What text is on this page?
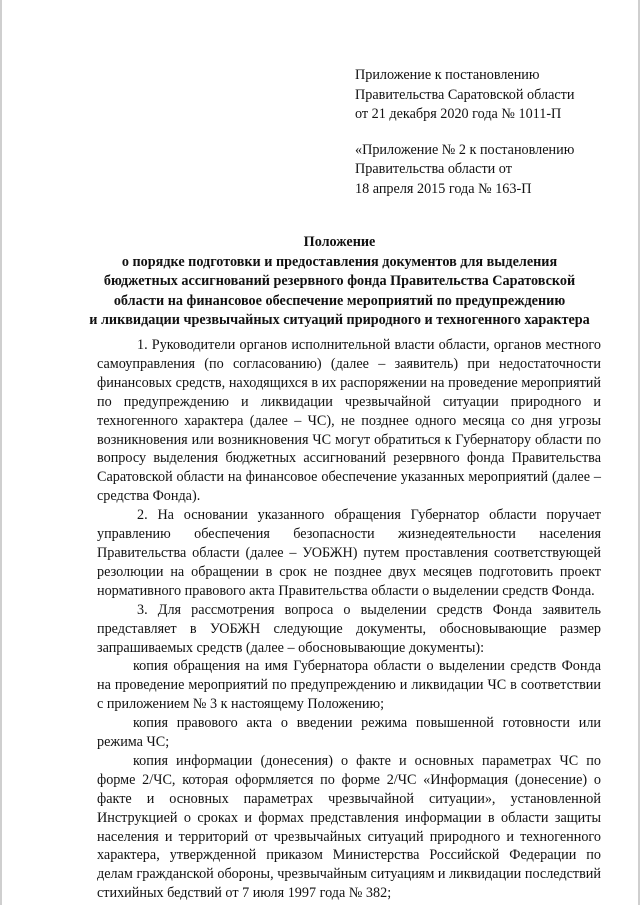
Приложение к постановлению
Правительства Саратовской области
от 21 декабря 2020 года № 1011-П
«Приложение № 2 к постановлению
Правительства области от
18 апреля 2015 года № 163-П
Положение
о порядке подготовки и предоставления документов для выделения
бюджетных ассигнований резервного фонда Правительства Саратовской
области на финансовое обеспечение мероприятий по предупреждению
и ликвидации чрезвычайных ситуаций природного и техногенного характера

1. Руководители органов исполнительной власти области, органов местного самоуправления (по согласованию) (далее – заявитель) при недостаточности финансовых средств, находящихся в их распоряжении на проведение мероприятий по предупреждению и ликвидации чрезвычайной ситуации природного и техногенного характера (далее – ЧС), не позднее одного месяца со дня угрозы возникновения или возникновения ЧС могут обратиться к Губернатору области по вопросу выделения бюджетных ассигнований резервного фонда Правительства Саратовской области на финансовое обеспечение указанных мероприятий (далее – средства Фонда).

2. На основании указанного обращения Губернатор области поручает управлению обеспечения безопасности жизнедеятельности населения Правительства области (далее – УОБЖН) путем проставления соответствующей резолюции на обращении в срок не позднее двух месяцев подготовить проект нормативного правового акта Правительства области о выделении средств Фонда.

3. Для рассмотрения вопроса о выделении средств Фонда заявитель представляет в УОБЖН следующие документы, обосновывающие размер запрашиваемых средств (далее – обосновывающие документы):

копия обращения на имя Губернатора области о выделении средств Фонда на проведение мероприятий по предупреждению и ликвидации ЧС в соответствии с приложением № 3 к настоящему Положению;

копия правового акта о введении режима повышенной готовности или режима ЧС;

копия информации (донесения) о факте и основных параметрах ЧС по форме 2/ЧС, которая оформляется по форме 2/ЧС «Информация (донесение) о факте и основных параметрах чрезвычайной ситуации», установленной Инструкцией о сроках и формах представления информации в области защиты населения и территорий от чрезвычайных ситуаций природного и техногенного характера, утвержденной приказом Министерства Российской Федерации по делам гражданской обороны, чрезвычайным ситуациям и ликвидации последствий стихийных бедствий от 7 июля 1997 года № 382;
